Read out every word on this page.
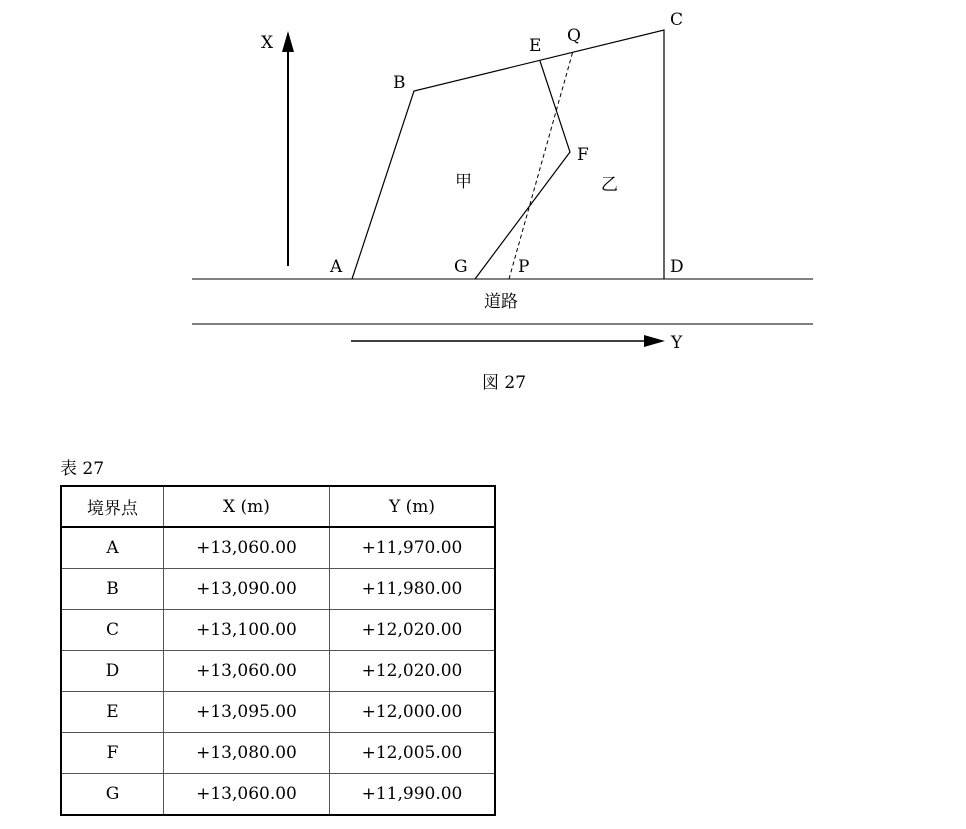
X
Y
道路
甲	乙
A
B
C
D
E
F
G	P
Q
図 27
表 27
境界点	X (m)	Y (m)
A	+13,060.00	+11,970.00
B	+13,090.00	+11,980.00
C	+13,100.00	+12,020.00
D	+13,060.00	+12,020.00
E	+13,095.00	+12,000.00
F	+13,080.00	+12,005.00
G	+13,060.00	+11,990.00
